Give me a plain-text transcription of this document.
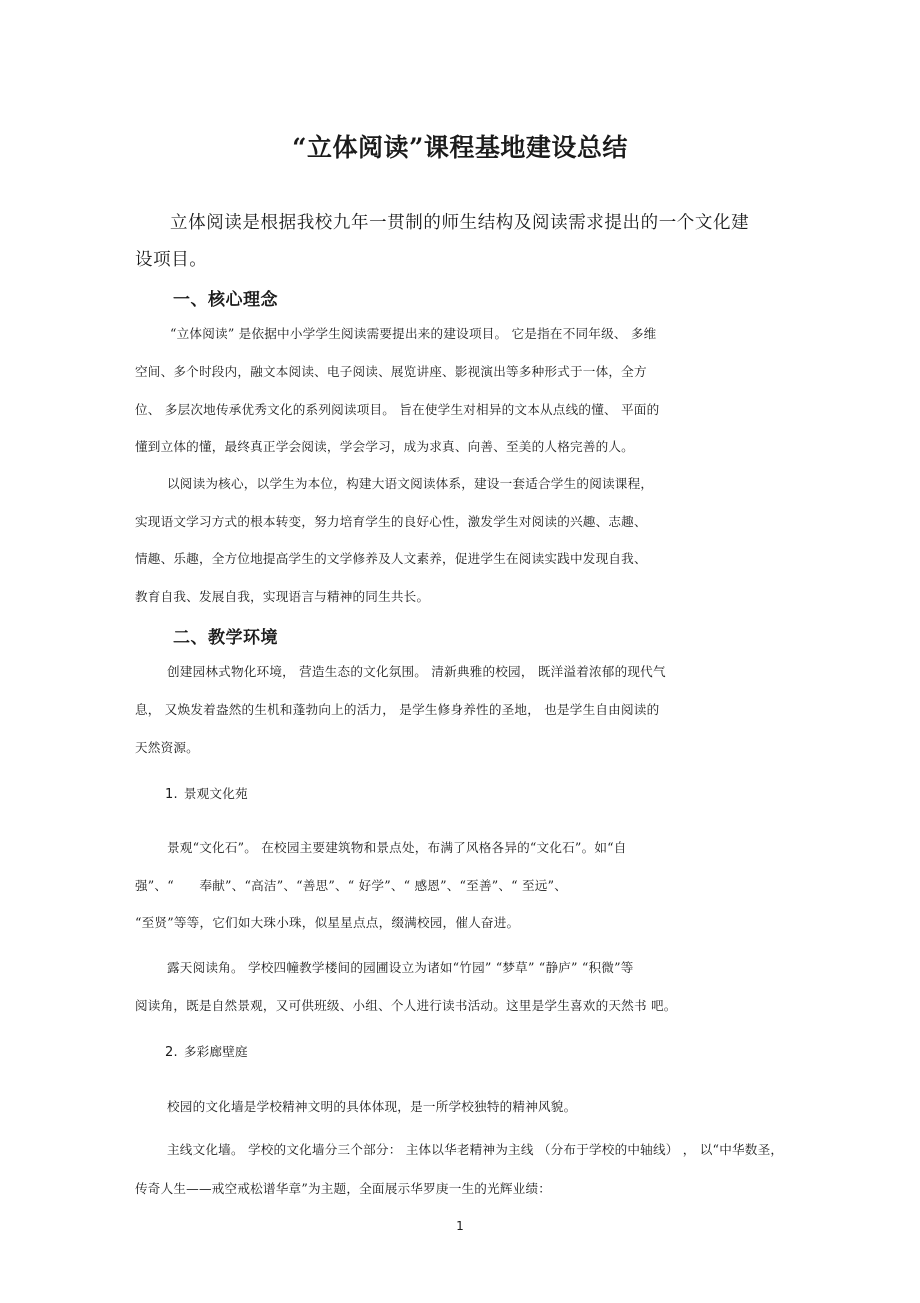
“立体阅读”课程基地建设总结

立体阅读是根据我校九年一贯制的师生结构及阅读需求提出的一个文化建

设项目。

一、核心理念

“立体阅读” 是依据中小学学生阅读需要提出来的建设项目。 它是指在不同年级、 多维

空间、多个时段内，融文本阅读、电子阅读、展览讲座、影视演出等多种形式于一体，全方

位、 多层次地传承优秀文化的系列阅读项目。 旨在使学生对相异的文本从点线的懂、 平面的

懂到立体的懂，最终真正学会阅读，学会学习，成为求真、向善、至美的人格完善的人。

以阅读为核心，以学生为本位，构建大语文阅读体系，建设一套适合学生的阅读课程，

实现语文学习方式的根本转变，努力培育学生的良好心性，激发学生对阅读的兴趣、志趣、

情趣、乐趣，全方位地提高学生的文学修养及人文素养，促进学生在阅读实践中发现自我、

教育自我、发展自我，实现语言与精神的同生共长。

二、教学环境

创建园林式物化环境， 营造生态的文化氛围。 清新典雅的校园， 既洋溢着浓郁的现代气

息， 又焕发着盎然的生机和蓬勃向上的活力， 是学生修身养性的圣地， 也是学生自由阅读的

天然资源。

1. 景观文化苑

景观“文化石”。 在校园主要建筑物和景点处，布满了风格各异的“文化石”。如“自

强”、“　　奉献”、“高洁”、“善思”、“ 好学”、“ 感恩”、“至善”、“ 至远”、

“至贤”等等，它们如大珠小珠，似星星点点，缀满校园，催人奋进。

露天阅读角。 学校四幢教学楼间的园圃设立为诸如“竹园” “梦草” “静庐” “积微”等

阅读角，既是自然景观，又可供班级、小组、个人进行读书活动。这里是学生喜欢的天然书 吧。

2. 多彩廊壁庭

校园的文化墙是学校精神文明的具体体现，是一所学校独特的精神风貌。

主线文化墙。 学校的文化墙分三个部分： 主体以华老精神为主线 （分布于学校的中轴线） ， 以“中华数圣，

传奇人生——戒空戒松谱华章”为主题，全面展示华罗庚一生的光辉业绩：

1
